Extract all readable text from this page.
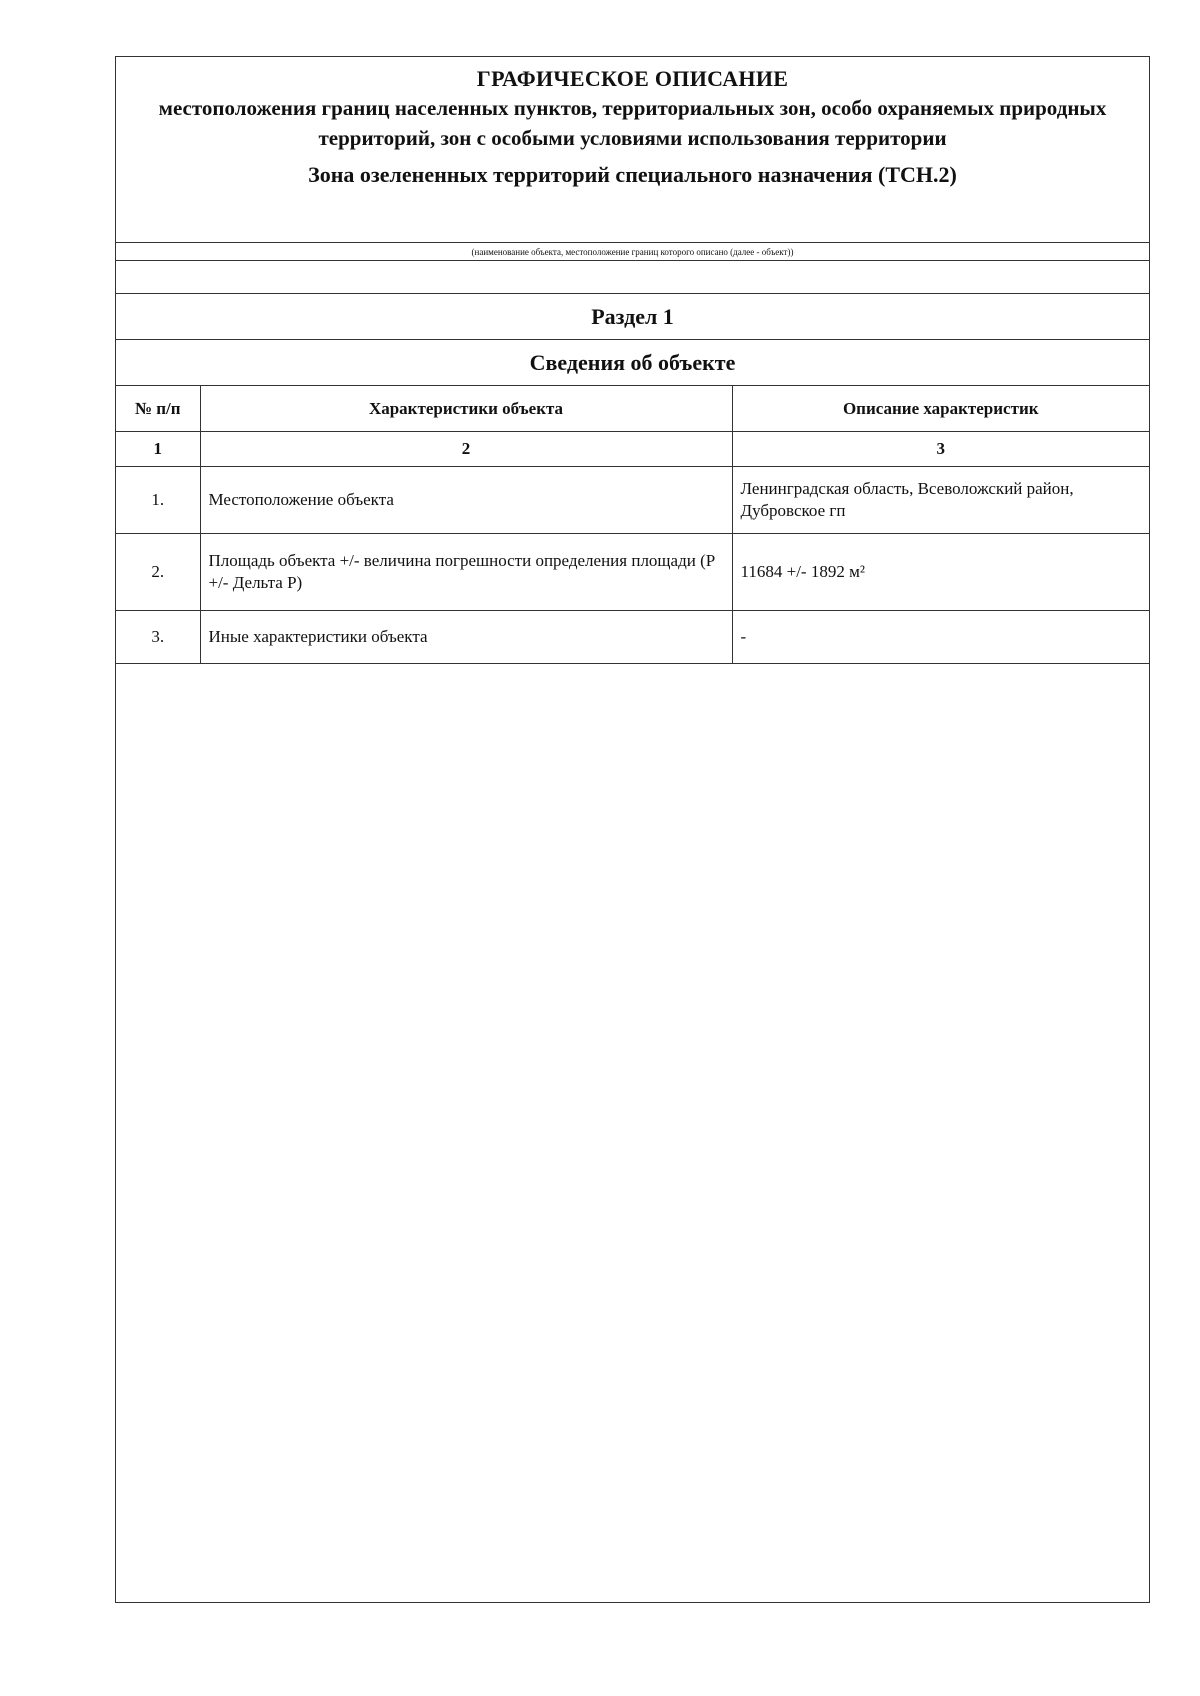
ГРАФИЧЕСКОЕ ОПИСАНИЕ
местоположения границ населенных пунктов, территориальных зон, особо охраняемых природных территорий, зон с особыми условиями использования территории
Зона озелененных территорий специального назначения (ТСН.2)
(наименование объекта, местоположение границ которого описано (далее - объект))
Раздел 1
Сведения об объекте
№ п/п	Характеристики объекта	Описание характеристик
1	2	3
1.	Местоположение объекта	Ленинградская область, Всеволожский район, Дубровское гп
2.	Площадь объекта +/- величина погрешности определения площади (Р +/- Дельта Р)	11684 +/- 1892 м²
3.	Иные характеристики объекта	-
